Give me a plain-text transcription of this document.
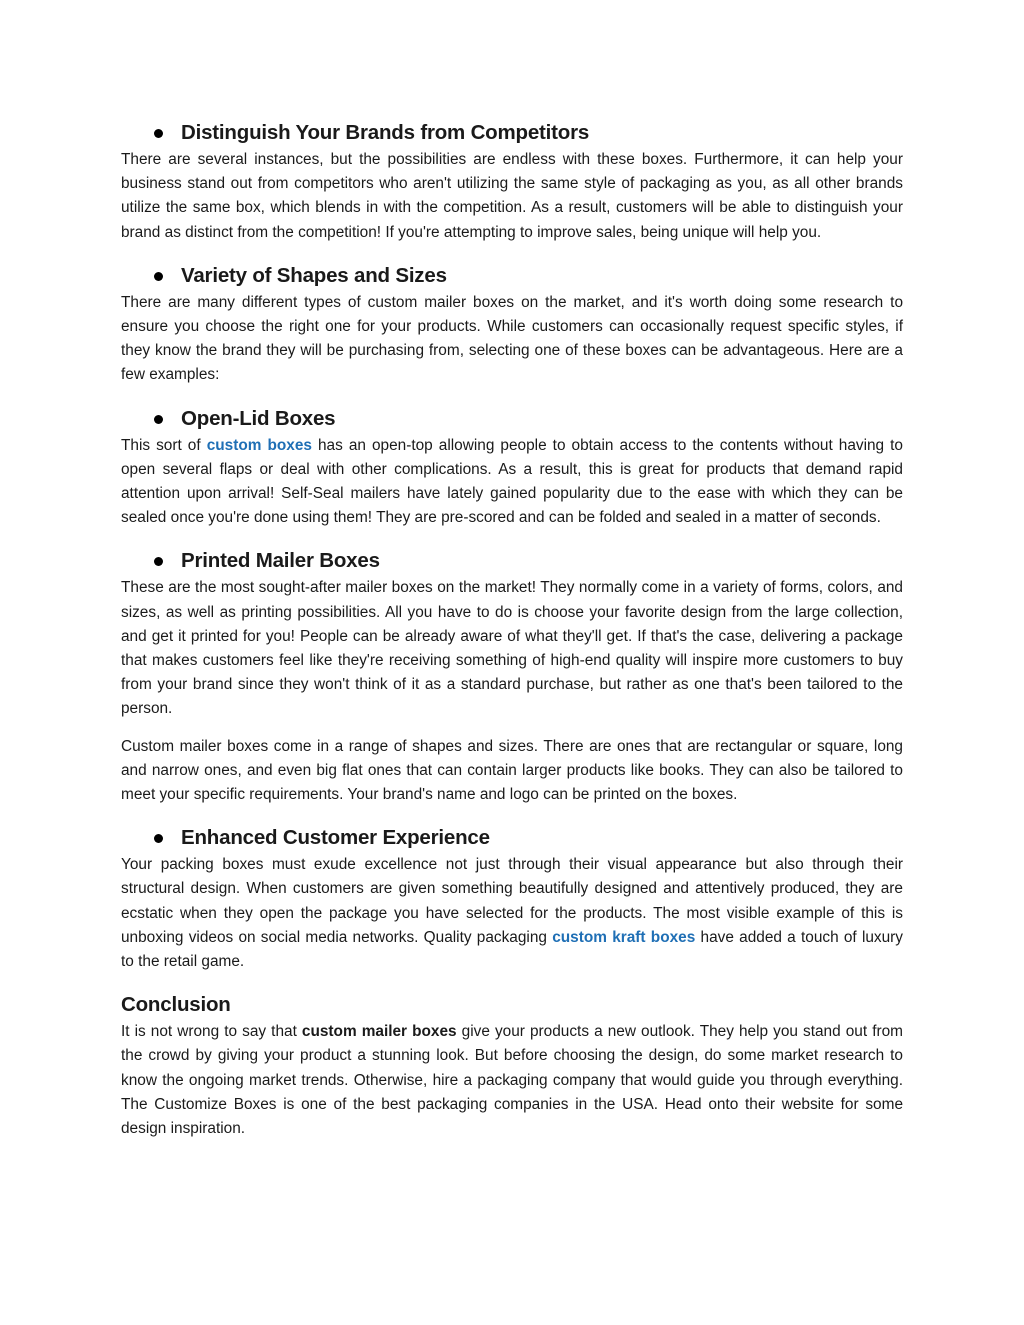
Distinguish Your Brands from Competitors

There are several instances, but the possibilities are endless with these boxes. Furthermore, it can help your business stand out from competitors who aren't utilizing the same style of packaging as you, as all other brands utilize the same box, which blends in with the competition. As a result, customers will be able to distinguish your brand as distinct from the competition! If you're attempting to improve sales, being unique will help you.

Variety of Shapes and Sizes

There are many different types of custom mailer boxes on the market, and it's worth doing some research to ensure you choose the right one for your products. While customers can occasionally request specific styles, if they know the brand they will be purchasing from, selecting one of these boxes can be advantageous. Here are a few examples:

Open-Lid Boxes

This sort of custom boxes has an open-top allowing people to obtain access to the contents without having to open several flaps or deal with other complications. As a result, this is great for products that demand rapid attention upon arrival! Self-Seal mailers have lately gained popularity due to the ease with which they can be sealed once you're done using them! They are pre-scored and can be folded and sealed in a matter of seconds.

Printed Mailer Boxes

These are the most sought-after mailer boxes on the market! They normally come in a variety of forms, colors, and sizes, as well as printing possibilities. All you have to do is choose your favorite design from the large collection, and get it printed for you! People can be already aware of what they'll get. If that's the case, delivering a package that makes customers feel like they're receiving something of high-end quality will inspire more customers to buy from your brand since they won't think of it as a standard purchase, but rather as one that's been tailored to the person.

Custom mailer boxes come in a range of shapes and sizes. There are ones that are rectangular or square, long and narrow ones, and even big flat ones that can contain larger products like books. They can also be tailored to meet your specific requirements. Your brand's name and logo can be printed on the boxes.

Enhanced Customer Experience

Your packing boxes must exude excellence not just through their visual appearance but also through their structural design. When customers are given something beautifully designed and attentively produced, they are ecstatic when they open the package you have selected for the products. The most visible example of this is unboxing videos on social media networks. Quality packaging custom kraft boxes have added a touch of luxury to the retail game.

Conclusion

It is not wrong to say that custom mailer boxes give your products a new outlook. They help you stand out from the crowd by giving your product a stunning look. But before choosing the design, do some market research to know the ongoing market trends. Otherwise, hire a packaging company that would guide you through everything. The Customize Boxes is one of the best packaging companies in the USA. Head onto their website for some design inspiration.
